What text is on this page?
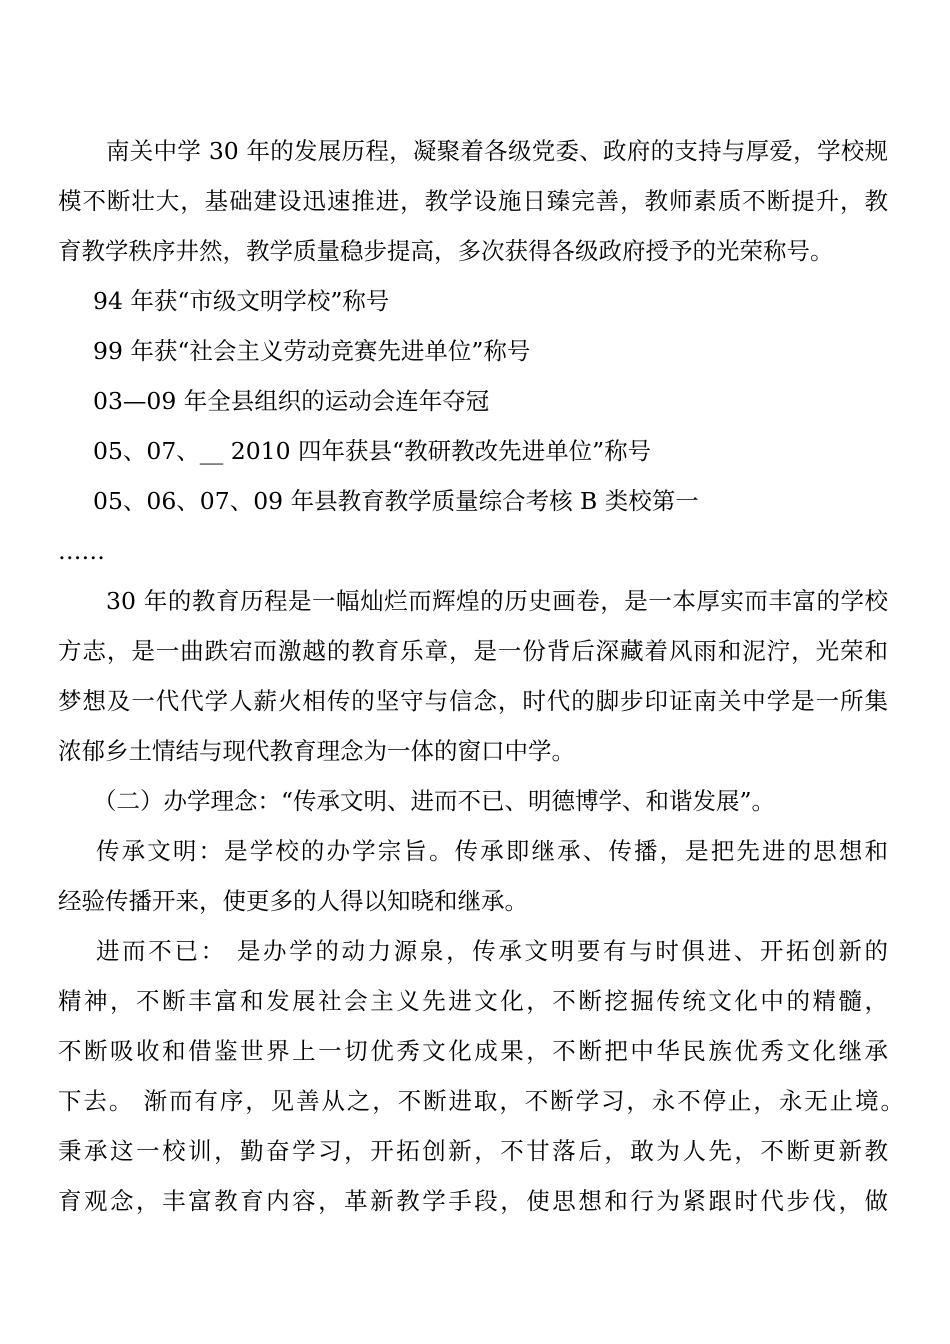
南关中学 30 年的发展历程，凝聚着各级党委、政府的支持与厚爱，学校规
模不断壮大，基础建设迅速推进，教学设施日臻完善，教师素质不断提升，教
育教学秩序井然，教学质量稳步提高，多次获得各级政府授予的光荣称号。
94 年获“市级文明学校”称号
99 年获“社会主义劳动竞赛先进单位”称号
03—09 年全县组织的运动会连年夺冠
05、07、__ 2010 四年获县“教研教改先进单位”称号
05、06、07、09 年县教育教学质量综合考核 B 类校第一
……
30 年的教育历程是一幅灿烂而辉煌的历史画卷，是一本厚实而丰富的学校
方志，是一曲跌宕而激越的教育乐章，是一份背后深藏着风雨和泥泞，光荣和
梦想及一代代学人薪火相传的坚守与信念，时代的脚步印证南关中学是一所集
浓郁乡土情结与现代教育理念为一体的窗口中学。
（二）办学理念：“传承文明、进而不已、明德博学、和谐发展”。
传承文明：是学校的办学宗旨。传承即继承、传播，是把先进的思想和
经验传播开来，使更多的人得以知晓和继承。
进而不已： 是办学的动力源泉，传承文明要有与时俱进、开拓创新的
精神，不断丰富和发展社会主义先进文化，不断挖掘传统文化中的精髓，
不断吸收和借鉴世界上一切优秀文化成果，不断把中华民族优秀文化继承
下去。 渐而有序，见善从之，不断进取，不断学习，永不停止，永无止境。
秉承这一校训，勤奋学习，开拓创新，不甘落后，敢为人先，不断更新教
育观念，丰富教育内容，革新教学手段，使思想和行为紧跟时代步伐，做
